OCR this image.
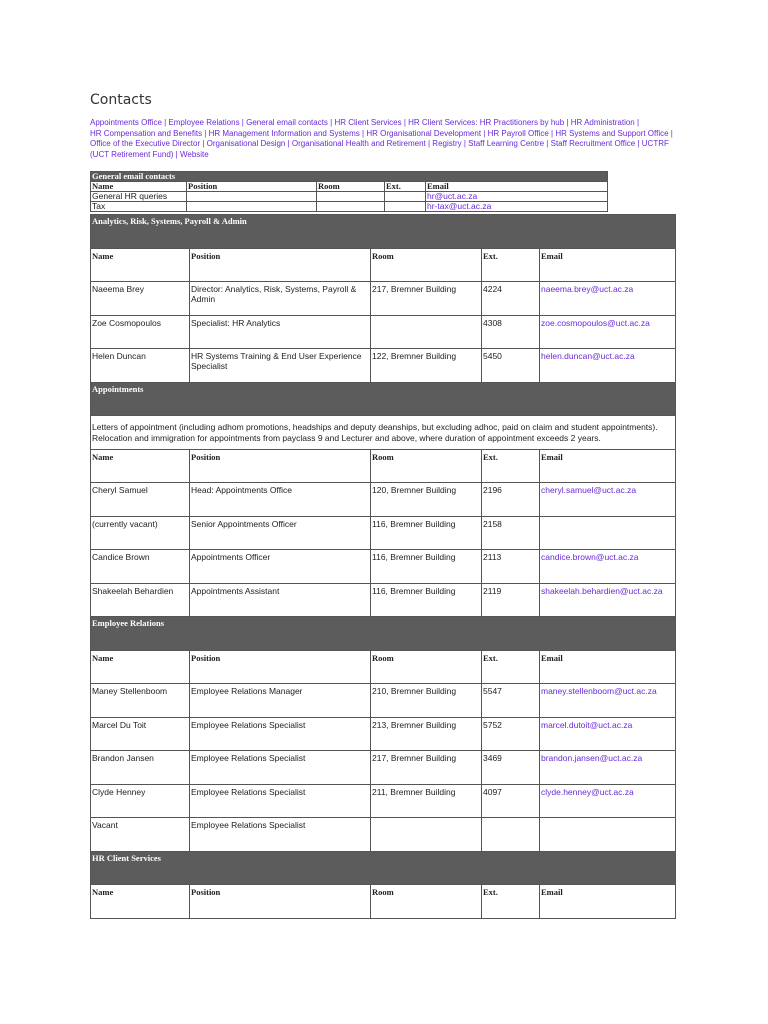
Contacts
Appointments Office | Employee Relations | General email contacts | HR Client Services | HR Client Services: HR Practitioners by hub | HR Administration |
HR Compensation and Benefits | HR Management Information and Systems | HR Organisational Development | HR Payroll Office | HR Systems and Support Office |
Office of the Executive Director | Organisational Design | Organisational Health and Retirement | Registry | Staff Learning Centre | Staff Recruitment Office | UCTRF (UCT Retirement Fund) | Website
General email contacts				
Name	Position	Room	Ext.	Email
General HR queries				hr@uct.ac.za
Tax				hr-tax@uct.ac.za
Analytics, Risk, Systems, Payroll & Admin				
Name	Position	Room	Ext.	Email
Naeema Brey	Director: Analytics, Risk, Systems, Payroll & Admin	217, Bremner Building	4224	naeema.brey@uct.ac.za
Zoe Cosmopoulos	Specialist: HR Analytics		4308	zoe.cosmopoulos@uct.ac.za
Helen Duncan	HR Systems Training & End User Experience Specialist	122, Bremner Building	5450	helen.duncan@uct.ac.za
Appointments				

Letters of appointment (including adhom promotions, headships and deputy deanships, but excluding adhoc, paid on claim and student appointments).
Relocation and immigration for appointments from payclass 9 and Lecturer and above, where duration of appointment exceeds 2 years.				

Name	Position	Room	Ext.	Email
Cheryl Samuel	Head: Appointments Office	120, Bremner Building	2196	cheryl.samuel@uct.ac.za
(currently vacant)	Senior Appointments Officer	116, Bremner Building	2158	
Candice Brown	Appointments Officer	116, Bremner Building	2113	candice.brown@uct.ac.za
Shakeelah Behardien	Appointments Assistant	116, Bremner Building	2119	shakeelah.behardien@uct.ac.za
Employee Relations				
Name	Position	Room	Ext.	Email
Maney Stellenboom	Employee Relations Manager	210, Bremner Building	5547	maney.stellenboom@uct.ac.za
Marcel Du Toit	Employee Relations Specialist	213, Bremner Building	5752	marcel.dutoit@uct.ac.za
Brandon Jansen	Employee Relations Specialist	217, Bremner Building	3469	brandon.jansen@uct.ac.za
Clyde Henney	Employee Relations Specialist	211, Bremner Building	4097	clyde.henney@uct.ac.za
Vacant	Employee Relations Specialist			
HR Client Services				
Name	Position	Room	Ext.	Email
